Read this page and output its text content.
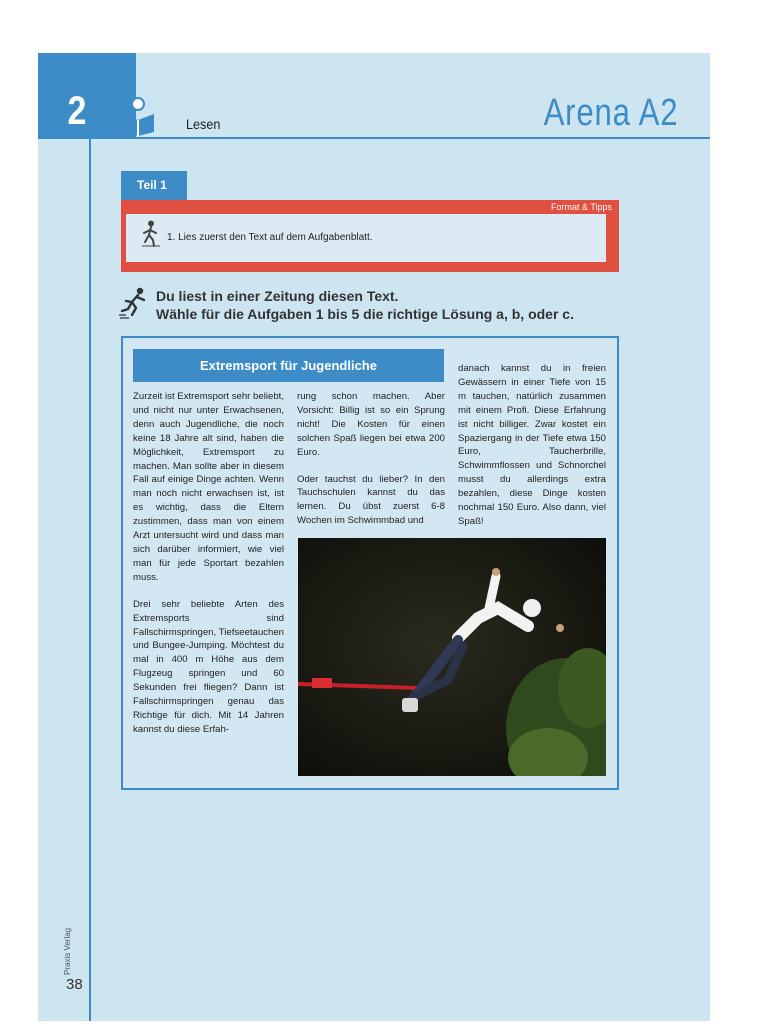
2	Lesen	Arena A2
Teil 1
Format & Tipps
1. Lies zuerst den Text auf dem Aufgabenblatt.
Du liest in einer Zeitung diesen Text.
Wähle für die Aufgaben 1 bis 5 die richtige Lösung a, b, oder c.
Extremsport für Jugendliche

Zurzeit ist Extremsport sehr beliebt, und nicht nur unter Erwachsenen, denn auch Jugendliche, die noch keine 18 Jahre alt sind, haben die Möglichkeit, Extremsport zu machen. Man sollte aber in diesem Fall auf einige Dinge achten. Wenn man noch nicht erwachsen ist, ist es wichtig, dass die Eltern zustimmen, dass man von einem Arzt untersucht wird und dass man sich darüber informiert, wie viel man für jede Sportart bezahlen muss.

Drei sehr beliebte Arten des Extremsports sind Fallschirmspringen, Tiefseetauchen und Bungee-Jumping. Möchtest du mal in 400 m Höhe aus dem Flugzeug springen und 60 Sekunden frei fliegen? Dann ist Fallschirmspringen genau das Richtige für dich. Mit 14 Jahren kannst du diese Erfah-

rung schon machen. Aber Vorsicht: Billig ist so ein Sprung nicht! Die Kosten für einen solchen Spaß liegen bei etwa 200 Euro.

Oder tauchst du lieber? In den Tauchschulen kannst du das lernen. Du übst zuerst 6-8 Wochen im Schwimmbad und

danach kannst du in freien Gewässern in einer Tiefe von 15 m tauchen, natürlich zusammen mit einem Profi. Diese Erfahrung ist nicht billiger. Zwar kostet ein Spaziergang in der Tiefe etwa 150 Euro, Taucherbrille, Schwimmflossen und Schnorchel musst du allerdings extra bezahlen, diese Dinge kosten nochmal 150 Euro. Also dann, viel Spaß!

Praxis Verlag
38
